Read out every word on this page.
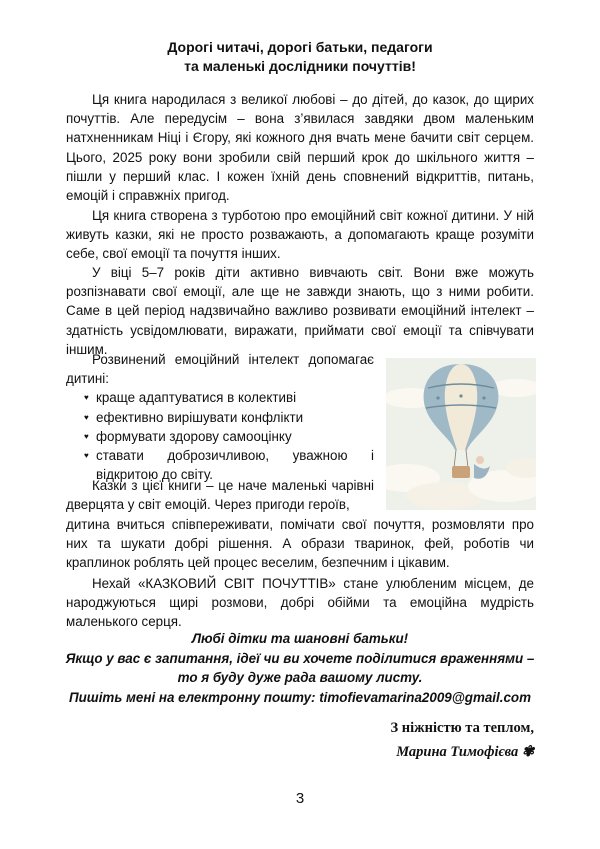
Дорогі читачі, дорогі батьки, педагоги
та маленькі дослідники почуттів!

Ця книга народилася з великої любові – до дітей, до казок, до щирих почуттів. Але передусім – вона з’явилася завдяки двом маленьким натхненникам Ніці і Єгору, які кожного дня вчать мене бачити світ серцем. Цього, 2025 року вони зробили свій перший крок до шкільного життя – пішли у перший клас. І кожен їхній день сповнений відкриттів, питань, емоцій і справжніх пригод.

Ця книга створена з турботою про емоційний світ кожної дитини. У ній живуть казки, які не просто розважають, а допомагають краще розуміти себе, свої емоції та почуття інших.

У віці 5–7 років діти активно вивчають світ. Вони вже можуть розпізнавати свої емоції, але ще не завжди знають, що з ними робити. Саме в цей період надзвичайно важливо розвивати емоційний інтелект – здатність усвідомлювати, виражати, приймати свої емоції та співчувати іншим.

Розвинений емоційний інтелект допомагає дитині:

♥ краще адаптуватися в колективі
♥ ефективно вирішувати конфлікти
♥ формувати здорову самооцінку
♥ ставати доброзичливою, уважною і відкритою до світу.

Казки з цієї книги – це наче маленькі чарівні дверцята у світ емоцій. Через пригоди героїв,

дитина вчиться співпереживати, помічати свої почуття, розмовляти про них та шукати добрі рішення. А образи тваринок, фей, роботів чи краплинок роблять цей процес веселим, безпечним і цікавим.

Нехай «КАЗКОВИЙ СВІТ ПОЧУТТІВ» стане улюбленим місцем, де народжуються щирі розмови, добрі обійми та емоційна мудрість маленького серця.

Любі дітки та шановні батьки!
Якщо у вас є запитання, ідеї чи ви хочете поділитися враженнями –
то я буду дуже рада вашому листу.
Пишіть мені на електронну пошту: timofievamarina2009@gmail.com

З ніжністю та теплом,
Марина Тимофієва ✾
3
